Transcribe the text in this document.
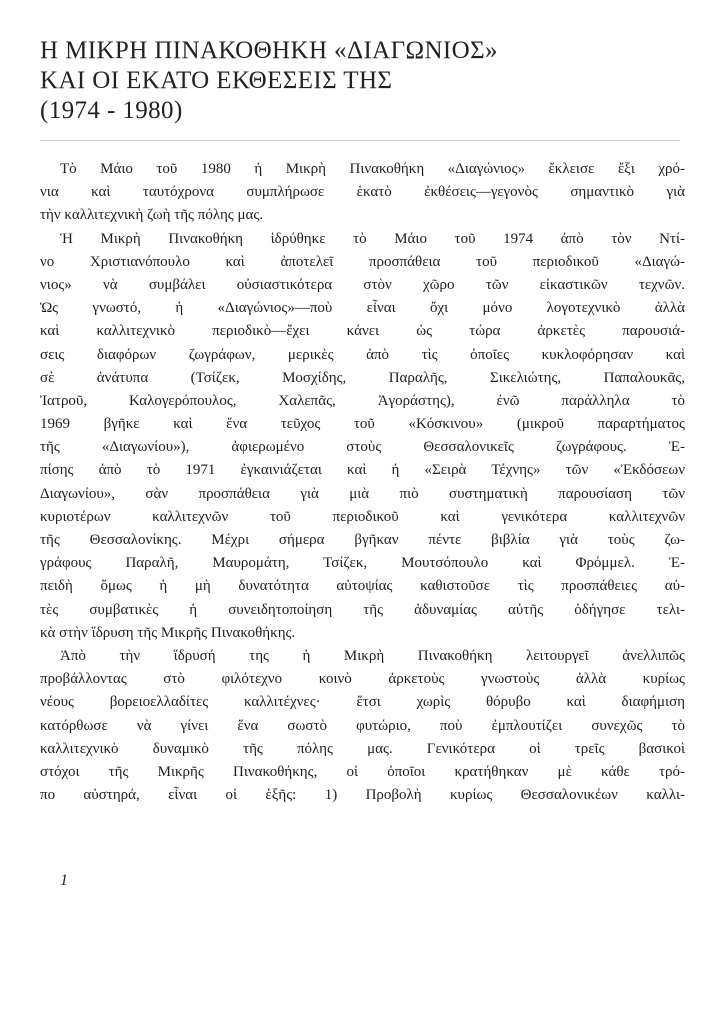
Η ΜΙΚΡΗ ΠΙΝΑΚΟΘΗΚΗ «ΔΙΑΓΩΝΙΟΣ»
ΚΑΙ ΟΙ ΕΚΑΤΟ ΕΚΘΕΣΕΙΣ ΤΗΣ
(1974 - 1980)
Τὸ Μάιο τοῦ 1980 ἡ Μικρὴ Πινακοθήκη «Διαγώνιος» ἔκλεισε ἔξι χρό-
νια καὶ ταυτόχρονα συμπλήρωσε ἑκατὸ ἐκθέσεις—γεγονὸς σημαντικὸ γιὰ
τὴν καλλιτεχνικὴ ζωὴ τῆς πόλης μας.
Ἡ Μικρὴ Πινακοθήκη ἱδρύθηκε τὸ Μάιο τοῦ 1974 ἀπὸ τὸν Ντί-
νο Χριστιανόπουλο καὶ ἀποτελεῖ προσπάθεια τοῦ περιοδικοῦ «Διαγώ-
νιος» νὰ συμβάλει οὐσιαστικότερα στὸν χῶρο τῶν εἰκαστικῶν τεχνῶν.
Ὡς γνωστό, ἡ «Διαγώνιος»—ποὺ εἶναι ὄχι μόνο λογοτεχνικὸ ἀλλὰ
καὶ καλλιτεχνικὸ περιοδικὸ—ἔχει κάνει ὡς τώρα ἀρκετὲς παρουσιά-
σεις διαφόρων ζωγράφων, μερικὲς ἀπὸ τὶς ὁποῖες κυκλοφόρησαν καὶ
σὲ ἀνάτυπα (Τσίζεκ, Μοσχίδης, Παραλῆς, Σικελιώτης, Παπαλουκᾶς,
Ἰατροῦ, Καλογερόπουλος, Χαλεπᾶς, Ἀγοράστης), ἐνῶ παράλληλα τὸ
1969 βγῆκε καὶ ἕνα τεῦχος τοῦ «Κόσκινου» (μικροῦ παραρτήματος
τῆς «Διαγωνίου»), ἀφιερωμένο στοὺς Θεσσαλονικεῖς ζωγράφους. Ἐ-
πίσης ἀπὸ τὸ 1971 ἐγκαινιάζεται καὶ ἡ «Σειρὰ Τέχνης» τῶν «Ἐκδόσεων
Διαγωνίου», σὰν προσπάθεια γιὰ μιὰ πιὸ συστηματικὴ παρουσίαση τῶν
κυριοτέρων καλλιτεχνῶν τοῦ περιοδικοῦ καὶ γενικότερα καλλιτεχνῶν
τῆς Θεσσαλονίκης. Μέχρι σήμερα βγῆκαν πέντε βιβλία γιὰ τοὺς ζω-
γράφους Παραλῆ, Μαυρομάτη, Τσίζεκ, Μουτσόπουλο καὶ Φρόμμελ. Ἐ-
πειδὴ ὅμως ἡ μὴ δυνατότητα αὐτοψίας καθιστοῦσε τὶς προσπάθειες αὐ-
τὲς συμβατικὲς ἡ συνειδητοποίηση τῆς ἀδυναμίας αὐτῆς ὁδήγησε τελι-
κὰ στὴν ἵδρυση τῆς Μικρῆς Πινακοθήκης.
Ἀπὸ τὴν ἵδρυσή της ἡ Μικρὴ Πινακοθήκη λειτουργεῖ ἀνελλιπῶς
προβάλλοντας στὸ φιλότεχνο κοινὸ ἀρκετοὺς γνωστοὺς ἀλλὰ κυρίως
νέους βορειοελλαδίτες καλλιτέχνες· ἔτσι χωρὶς θόρυβο καὶ διαφήμιση
κατόρθωσε νὰ γίνει ἕνα σωστὸ φυτώριο, ποὺ ἐμπλουτίζει συνεχῶς τὸ
καλλιτεχνικὸ δυναμικὸ τῆς πόλης μας. Γενικότερα οἱ τρεῖς βασικοὶ
στόχοι τῆς Μικρῆς Πινακοθήκης, οἱ ὁποῖοι κρατήθηκαν μὲ κάθε τρό-
πο αὐστηρά, εἶναι οἱ ἑξῆς: 1) Προβολὴ κυρίως Θεσσαλονικέων καλλι-
1
